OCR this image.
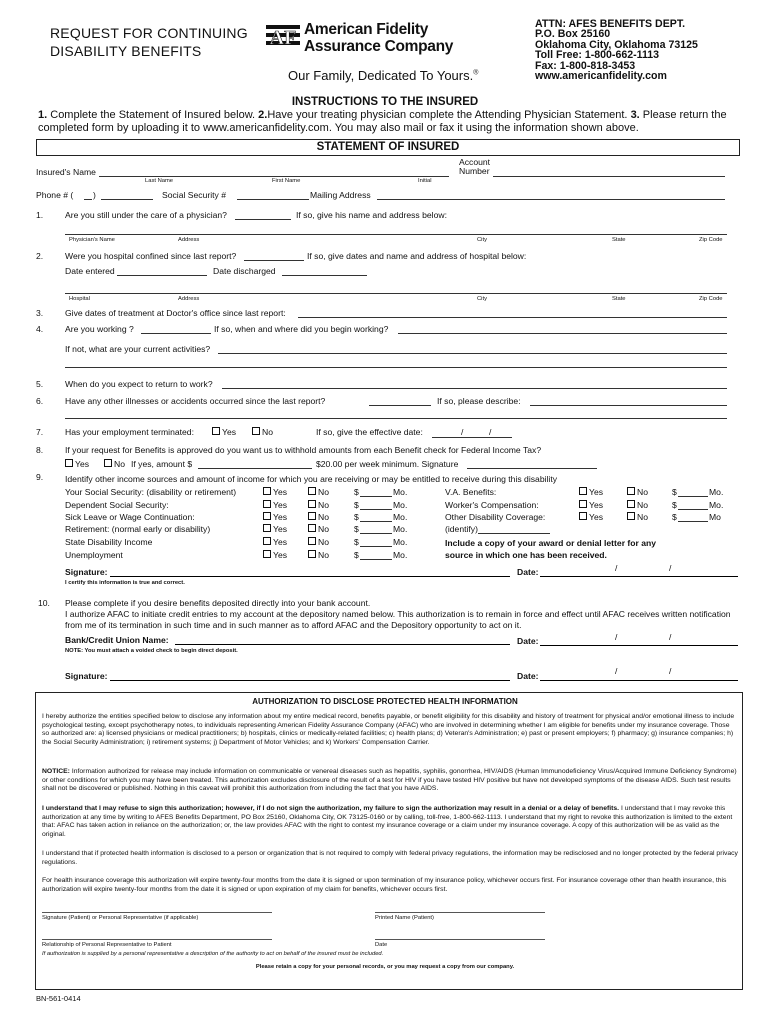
REQUEST FOR CONTINUING
DISABILITY BENEFITS
AF American Fidelity
Assurance Company
Our Family, Dedicated To Yours.®
ATTN: AFES BENEFITS DEPT.
P.O. Box 25160
Oklahoma City, Oklahoma 73125
Toll Free: 1-800-662-1113
Fax: 1-800-818-3453
www.americanfidelity.com
INSTRUCTIONS TO THE INSURED
1. Complete the Statement of Insured below. 2.Have your treating physician complete the Attending Physician Statement. 3. Please return the completed form by uploading it to www.americanfidelity.com. You may also mail or fax it using the information shown above.
STATEMENT OF INSURED
Insured's Name
Last Name	First Name	Initial
Account
Number
Phone # ( )	Social Security #	Mailing Address
1.	Are you still under the care of a physician?	If so, give his name and address below:
Physician's Name	Address	City	State	Zip Code
2.	Were you hospital confined since last report?	If so, give dates and name and address of hospital below:
Date entered	Date discharged
Hospital	Address	City	State	Zip Code
3.	Give dates of treatment at Doctor's office since last report:
4.	Are you working ?	If so, when and where did you begin working?
If not, what are your current activities?
5.	When do you expect to return to work?
6.	Have any other illnesses or accidents occurred since the last report?	If so, please describe:
7.	Has your employment terminated:	Yes	No	If so, give the effective date:	/	/
8.	If your request for Benefits is approved do you want us to withhold amounts from each Benefit check for Federal Income Tax?
Yes	No If yes, amount $	$20.00 per week minimum. Signature
9.	Identify other income sources and amount of income for which you are receiving or may be entitled to receive during this disability
Your Social Security: (disability or retirement)	Yes	No	$	Mo.
Dependent Social Security:	Yes	No	$	Mo.
Sick Leave or Wage Continuation:	Yes	No	$	Mo.
Retirement: (normal early or disability)	Yes	No	$	Mo.
State Disability Income	Yes	No	$	Mo.
Unemployment	Yes	No	$	Mo.
V.A. Benefits:	Yes	No	$	Mo.
Worker's Compensation:	Yes	No	$	Mo.
Other Disability Coverage:	Yes	No	$	Mo
(identify)
Include a copy of your award or denial letter for any
source in which one has been received.
Signature:	Date:	/	/
I certify this information is true and correct.
10. Please complete if you desire benefits deposited directly into your bank account.
I authorize AFAC to initiate credit entries to my account at the depository named below. This authorization is to remain in force and effect until AFAC receives written notification from me of its termination in such time and in such manner as to afford AFAC and the Depository opportunity to act on it.
Bank/Credit Union Name:	Date:	/	/
NOTE: You must attach a voided check to begin direct deposit.
Signature:	Date:	/	/
AUTHORIZATION TO DISCLOSE PROTECTED HEALTH INFORMATION
I hereby authorize the entities specified below to disclose any information about my entire medical record, benefits payable, or benefit eligibility for this disability and history of treatment for physical and/or emotional illness to include psychological testing, except psychotherapy notes, to individuals representing American Fidelity Assurance Company (AFAC) who are involved in determining whether I am eligible for benefits under my insurance coverage. Those so authorized are: a) licensed physicians or medical practitioners; b) hospitals, clinics or medically-related facilities; c) health plans; d) Veteran's Administration; e) past or present employers; f) pharmacy; g) insurance companies; h) the Social Security Administration; i) retirement systems; j) Department of Motor Vehicles; and k) Workers' Compensation Carrier.
NOTICE: Information authorized for release may include information on communicable or venereal diseases such as hepatitis, syphilis, gonorrhea, HIV/AIDS (Human Immunodeficiency Virus/Acquired Immune Deficiency Syndrome) or other conditions for which you may have been treated. This authorization excludes disclosure of the result of a test for HIV if you have tested HIV positive but have not developed symptoms of the disease AIDS. Such test results shall not be discovered or published. Nothing in this caveat will prohibit this authorization from including the fact that you have AIDS.
I understand that I may refuse to sign this authorization; however, if I do not sign the authorization, my failure to sign the authorization may result in a denial or a delay of benefits. I understand that I may revoke this authorization at any time by writing to AFES Benefits Department, PO Box 25160, Oklahoma City, OK 73125-0160 or by calling, toll-free, 1-800-662-1113. I understand that my right to revoke this authorization is limited to the extent that: AFAC has taken action in reliance on the authorization; or, the law provides AFAC with the right to contest my insurance coverage or a claim under my insurance coverage. A copy of this authorization will be as valid as the original.
I understand that if protected health information is disclosed to a person or organization that is not required to comply with federal privacy regulations, the information may be redisclosed and no longer protected by the federal privacy regulations.
For health insurance coverage this authorization will expire twenty-four months from the date it is signed or upon termination of my insurance policy, whichever occurs first. For insurance coverage other than health insurance, this authorization will expire twenty-four months from the date it is signed or upon expiration of my claim for benefits, whichever occurs first.
Signature (Patient) or Personal Representative (if applicable)	Printed Name (Patient)
Relationship of Personal Representative to Patient	Date
If authorization is supplied by a personal representative a description of the authority to act on behalf of the insured must be included.
Please retain a copy for your personal records, or you may request a copy from our company.
BN-561-0414
